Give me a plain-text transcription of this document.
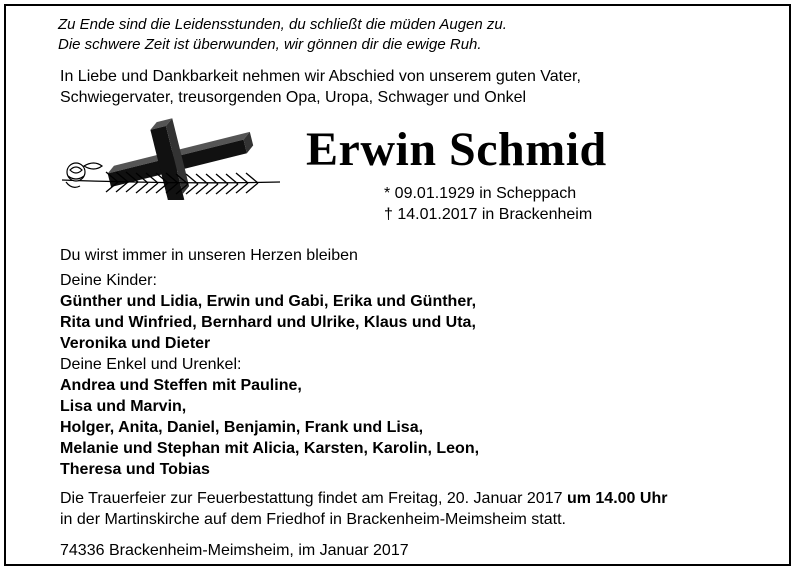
Zu Ende sind die Leidensstunden, du schließt die müden Augen zu.
Die schwere Zeit ist überwunden, wir gönnen dir die ewige Ruh.
In Liebe und Dankbarkeit nehmen wir Abschied von unserem guten Vater,
Schwiegervater, treusorgenden Opa, Uropa, Schwager und Onkel
Erwin Schmid
* 09.01.1929 in Scheppach
† 14.01.2017 in Brackenheim
Du wirst immer in unseren Herzen bleiben
Deine Kinder:
Günther und Lidia, Erwin und Gabi, Erika und Günther,
Rita und Winfried, Bernhard und Ulrike, Klaus und Uta,
Veronika und Dieter
Deine Enkel und Urenkel:
Andrea und Steffen mit Pauline,
Lisa und Marvin,
Holger, Anita, Daniel, Benjamin, Frank und Lisa,
Melanie und Stephan mit Alicia, Karsten, Karolin, Leon,
Theresa und Tobias
Die Trauerfeier zur Feuerbestattung findet am Freitag, 20. Januar 2017 um 14.00 Uhr
in der Martinskirche auf dem Friedhof in Brackenheim-Meimsheim statt.
74336 Brackenheim-Meimsheim, im Januar 2017
